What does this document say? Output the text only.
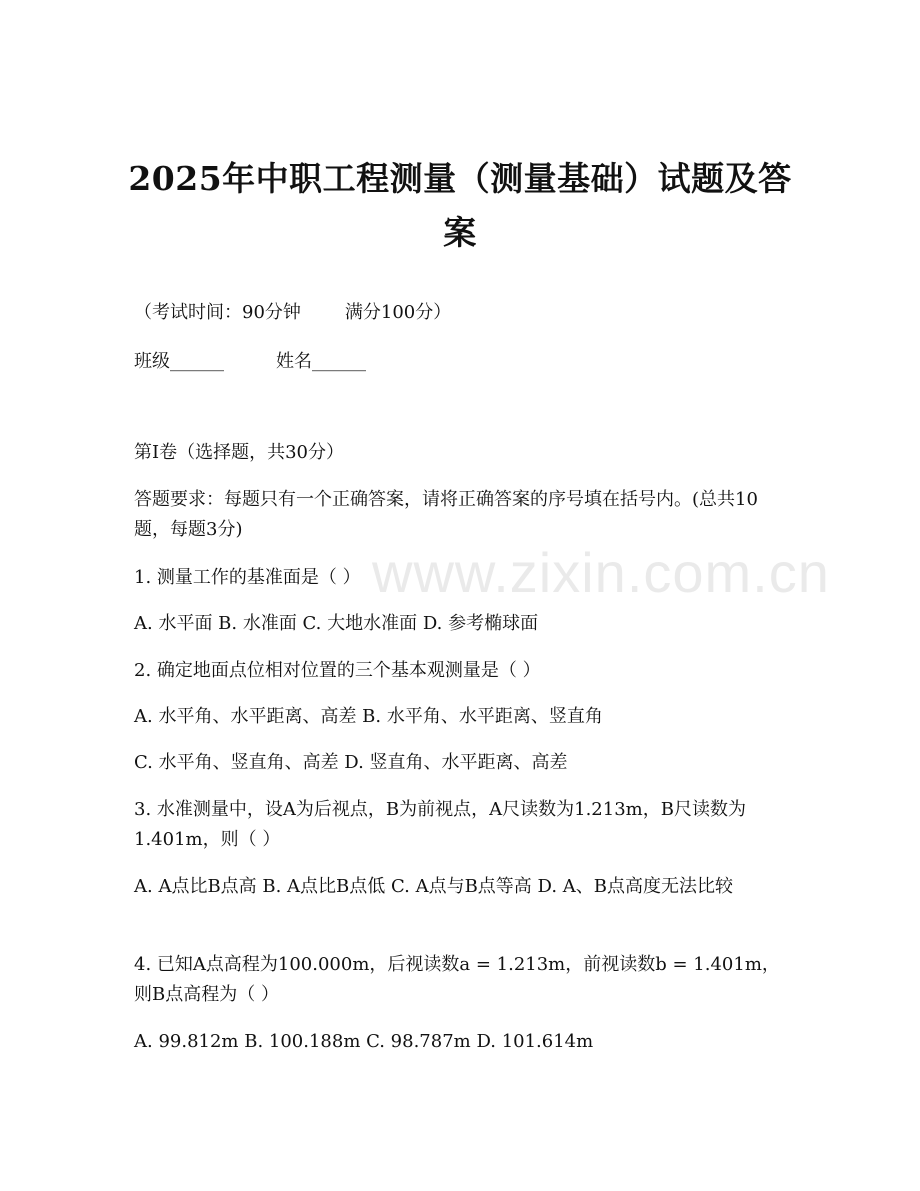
2025年中职工程测量（测量基础）试题及答案
（考试时间：90分钟 满分100分）
班级______	姓名______
第I卷（选择题，共30分）
答题要求：每题只有一个正确答案，请将正确答案的序号填在括号内。(总共10题，每题3分)
1. 测量工作的基准面是（ ）
A. 水平面 B. 水准面 C. 大地水准面 D. 参考椭球面
2. 确定地面点位相对位置的三个基本观测量是（ ）
A. 水平角、水平距离、高差 B. 水平角、水平距离、竖直角
C. 水平角、竖直角、高差 D. 竖直角、水平距离、高差
3. 水准测量中，设A为后视点，B为前视点，A尺读数为1.213m，B尺读数为1.401m，则（ ）
A. A点比B点高 B. A点比B点低 C. A点与B点等高 D. A、B点高度无法比较
4. 已知A点高程为100.000m，后视读数a = 1.213m，前视读数b = 1.401m，则B点高程为（ ）
A. 99.812m B. 100.188m C. 98.787m D. 101.614m
www.zixin.com.cn
